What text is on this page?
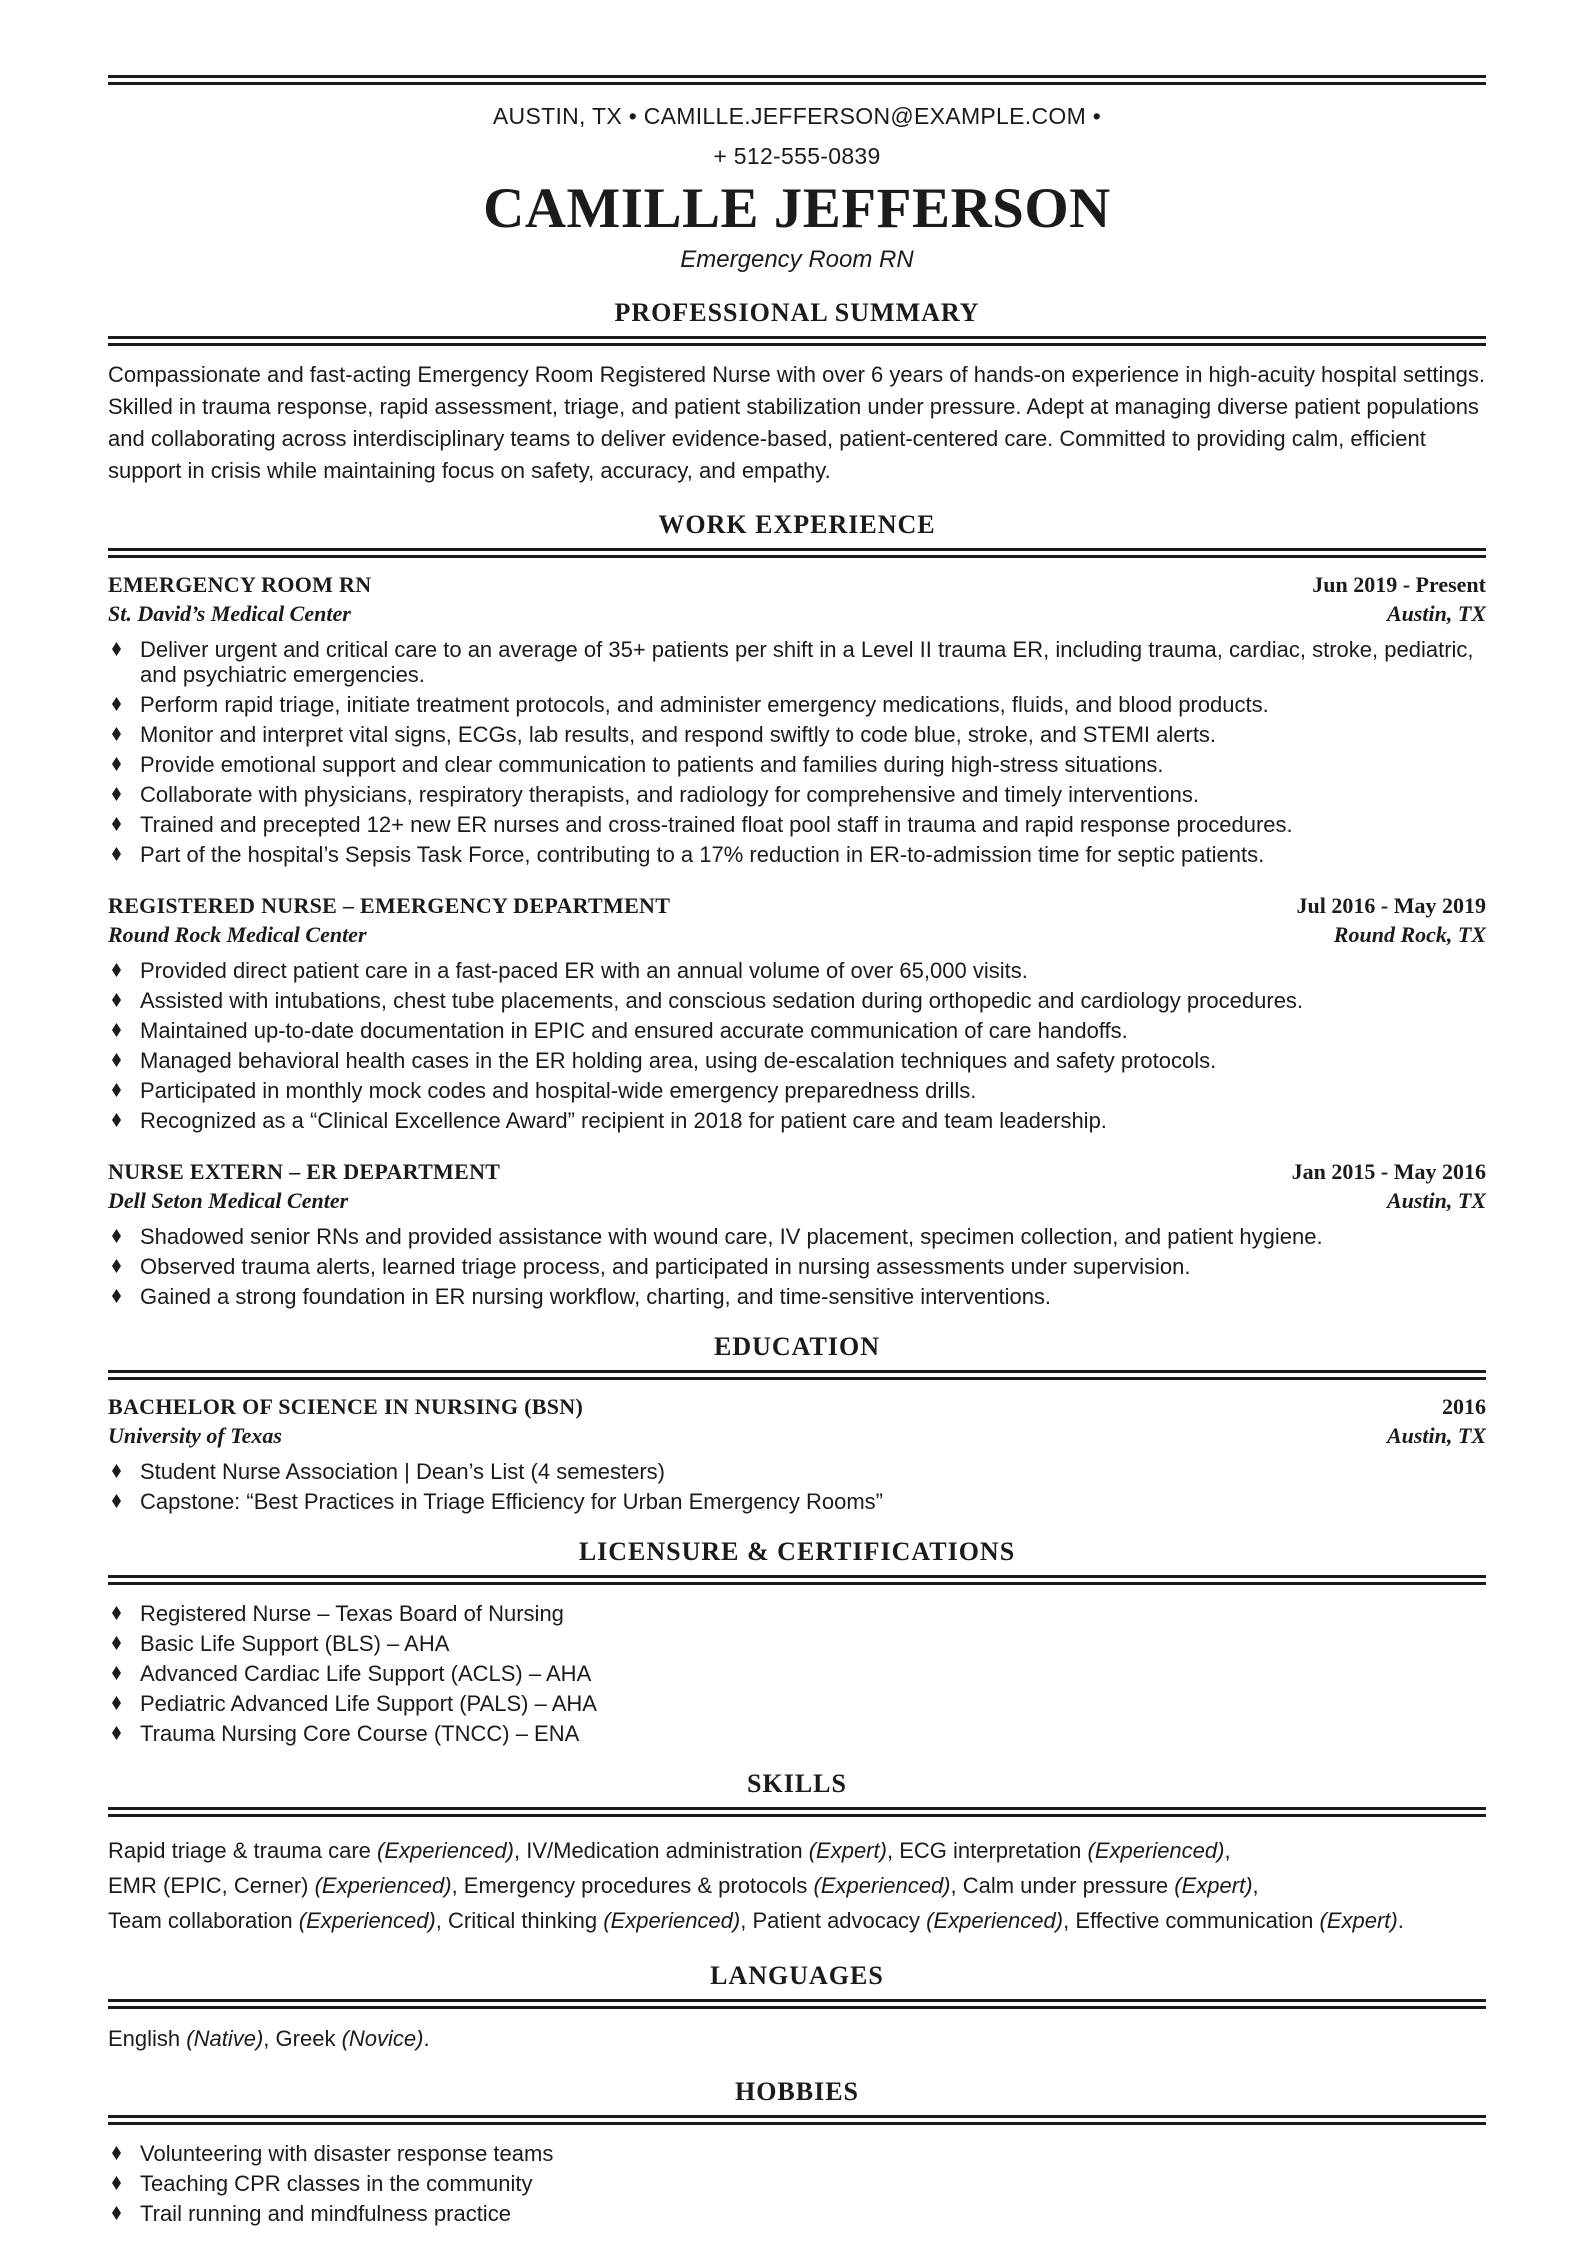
AUSTIN, TX • CAMILLE.JEFFERSON@EXAMPLE.COM •
+ 512-555-0839
CAMILLE JEFFERSON
Emergency Room RN
PROFESSIONAL SUMMARY

Compassionate and fast-acting Emergency Room Registered Nurse with over 6 years of hands-on experience in high-acuity hospital settings. Skilled in trauma response, rapid assessment, triage, and patient stabilization under pressure. Adept at managing diverse patient populations and collaborating across interdisciplinary teams to deliver evidence-based, patient-centered care. Committed to providing calm, efficient support in crisis while maintaining focus on safety, accuracy, and empathy.

WORK EXPERIENCE
EMERGENCY ROOM RN
St. David’s Medical Center
Jun 2019 - Present
Austin, TX
Deliver urgent and critical care to an average of 35+ patients per shift in a Level II trauma ER, including trauma, cardiac, stroke, pediatric, and psychiatric emergencies.
Perform rapid triage, initiate treatment protocols, and administer emergency medications, fluids, and blood products.
Monitor and interpret vital signs, ECGs, lab results, and respond swiftly to code blue, stroke, and STEMI alerts.
Provide emotional support and clear communication to patients and families during high-stress situations.
Collaborate with physicians, respiratory therapists, and radiology for comprehensive and timely interventions.
Trained and precepted 12+ new ER nurses and cross-trained float pool staff in trauma and rapid response procedures.
Part of the hospital’s Sepsis Task Force, contributing to a 17% reduction in ER-to-admission time for septic patients.
REGISTERED NURSE – EMERGENCY DEPARTMENT
Round Rock Medical Center
Jul 2016 - May 2019
Round Rock, TX
Provided direct patient care in a fast-paced ER with an annual volume of over 65,000 visits.
Assisted with intubations, chest tube placements, and conscious sedation during orthopedic and cardiology procedures.
Maintained up-to-date documentation in EPIC and ensured accurate communication of care handoffs.
Managed behavioral health cases in the ER holding area, using de-escalation techniques and safety protocols.
Participated in monthly mock codes and hospital-wide emergency preparedness drills.
Recognized as a “Clinical Excellence Award” recipient in 2018 for patient care and team leadership.
NURSE EXTERN – ER DEPARTMENT
Dell Seton Medical Center
Jan 2015 - May 2016
Austin, TX
Shadowed senior RNs and provided assistance with wound care, IV placement, specimen collection, and patient hygiene.
Observed trauma alerts, learned triage process, and participated in nursing assessments under supervision.
Gained a strong foundation in ER nursing workflow, charting, and time-sensitive interventions.
EDUCATION
BACHELOR OF SCIENCE IN NURSING (BSN)
University of Texas
2016
Austin, TX
Student Nurse Association | Dean’s List (4 semesters)
Capstone: “Best Practices in Triage Efficiency for Urban Emergency Rooms”
LICENSURE & CERTIFICATIONS
Registered Nurse – Texas Board of Nursing
Basic Life Support (BLS) – AHA
Advanced Cardiac Life Support (ACLS) – AHA
Pediatric Advanced Life Support (PALS) – AHA
Trauma Nursing Core Course (TNCC) – ENA
SKILLS

Rapid triage & trauma care (Experienced), IV/Medication administration (Expert), ECG interpretation (Experienced), EMR (EPIC, Cerner) (Experienced), Emergency procedures & protocols (Experienced), Calm under pressure (Expert), Team collaboration (Experienced), Critical thinking (Experienced), Patient advocacy (Experienced), Effective communication (Expert).

LANGUAGES

English (Native), Greek (Novice).

HOBBIES
Volunteering with disaster response teams
Teaching CPR classes in the community
Trail running and mindfulness practice
